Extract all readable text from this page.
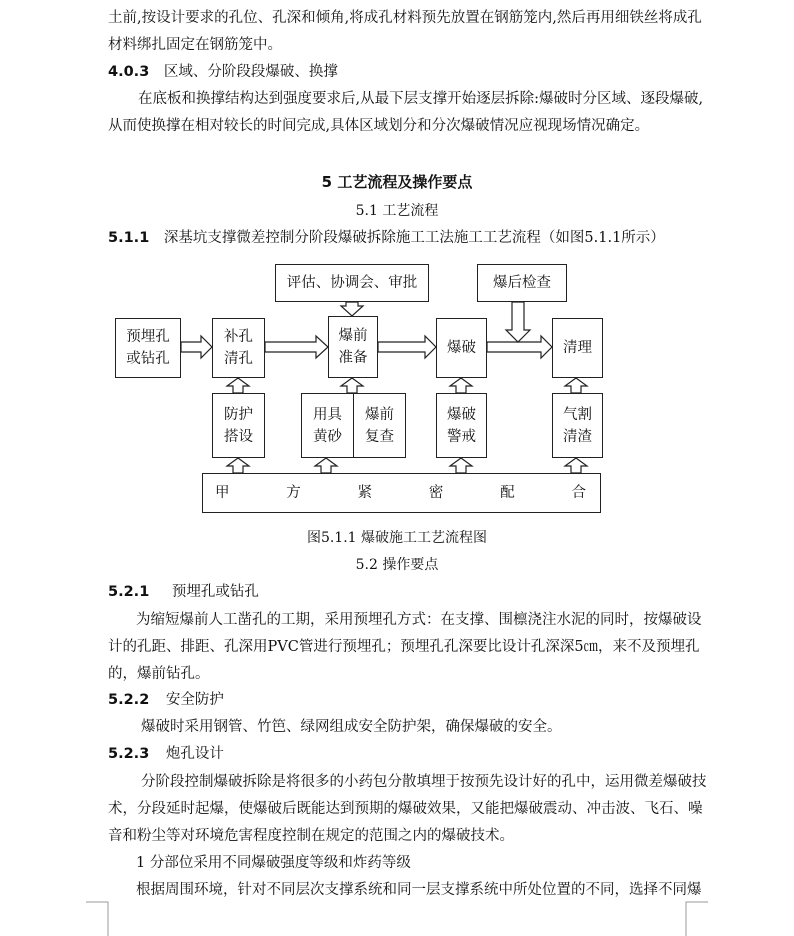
土前,按设计要求的孔位、孔深和倾角,将成孔材料预先放置在钢筋笼内,然后再用细铁丝将成孔
材料绑扎固定在钢筋笼中。
4.0.3 区域、分阶段段爆破、换撑
在底板和换撑结构达到强度要求后,从最下层支撑开始逐层拆除:爆破时分区域、逐段爆破,
从而使换撑在相对较长的时间完成,具体区域划分和分次爆破情况应视现场情况确定。
5 工艺流程及操作要点
5.1 工艺流程
5.1.1 深基坑支撑微差控制分阶段爆破拆除施工工法施工工艺流程（如图5.1.1所示）
评估、协调会、审批	爆后检查
预埋孔
或钻孔
补孔
清孔
爆前
准备
爆破	清理
防护
搭设
用具
黄砂
爆前
复查
爆破
警戒
气割
清渣
甲	方	紧	密	配	合
图5.1.1 爆破施工工艺流程图
5.2 操作要点
5.2.1 预埋孔或钻孔
为缩短爆前人工凿孔的工期，采用预埋孔方式：在支撑、围檩浇注水泥的同时，按爆破设
计的孔距、排距、孔深用PVC管进行预埋孔；预埋孔孔深要比设计孔深深5㎝，来不及预埋孔
的，爆前钻孔。
5.2.2 安全防护
爆破时采用钢管、竹笆、绿网组成安全防护架，确保爆破的安全。
5.2.3 炮孔设计
分阶段控制爆破拆除是将很多的小药包分散填埋于按预先设计好的孔中，运用微差爆破技
术，分段延时起爆，使爆破后既能达到预期的爆破效果，又能把爆破震动、冲击波、飞石、噪
音和粉尘等对环境危害程度控制在规定的范围之内的爆破技术。
1 分部位采用不同爆破强度等级和炸药等级
根据周围环境，针对不同层次支撑系统和同一层支撑系统中所处位置的不同，选择不同爆
